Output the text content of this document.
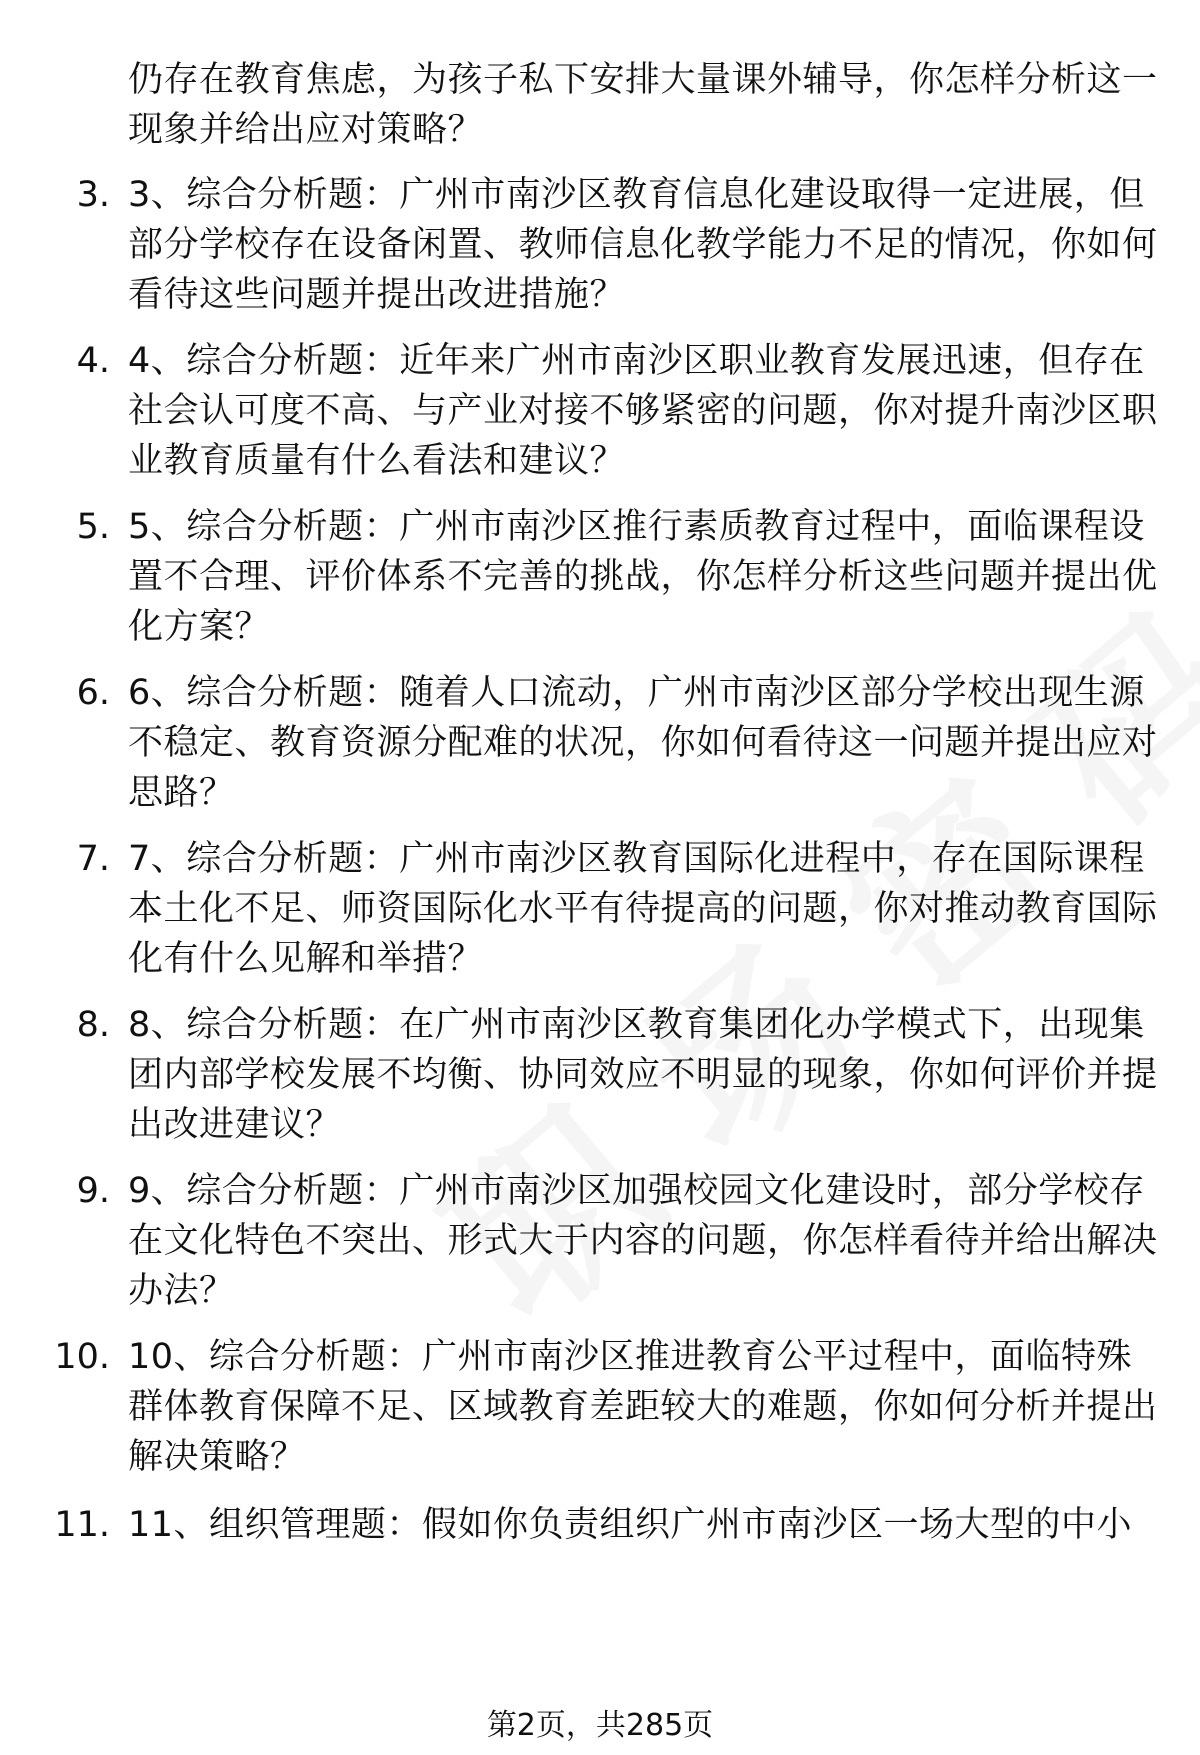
仍存在教育焦虑，为孩子私下安排大量课外辅导，你怎样分析这一现象并给出应对策略？
3. 3、综合分析题：广州市南沙区教育信息化建设取得一定进展，但部分学校存在设备闲置、教师信息化教学能力不足的情况，你如何看待这些问题并提出改进措施？
4. 4、综合分析题：近年来广州市南沙区职业教育发展迅速，但存在社会认可度不高、与产业对接不够紧密的问题，你对提升南沙区职业教育质量有什么看法和建议？
5. 5、综合分析题：广州市南沙区推行素质教育过程中，面临课程设置不合理、评价体系不完善的挑战，你怎样分析这些问题并提出优化方案？
6. 6、综合分析题：随着人口流动，广州市南沙区部分学校出现生源不稳定、教育资源分配难的状况，你如何看待这一问题并提出应对思路？
7. 7、综合分析题：广州市南沙区教育国际化进程中，存在国际课程本土化不足、师资国际化水平有待提高的问题，你对推动教育国际化有什么见解和举措？
8. 8、综合分析题：在广州市南沙区教育集团化办学模式下，出现集团内部学校发展不均衡、协同效应不明显的现象，你如何评价并提出改进建议？
9. 9、综合分析题：广州市南沙区加强校园文化建设时，部分学校存在文化特色不突出、形式大于内容的问题，你怎样看待并给出解决办法？
10. 10、综合分析题：广州市南沙区推进教育公平过程中，面临特殊群体教育保障不足、区域教育差距较大的难题，你如何分析并提出解决策略？
11. 11、组织管理题：假如你负责组织广州市南沙区一场大型的中小
第2页，共285页
